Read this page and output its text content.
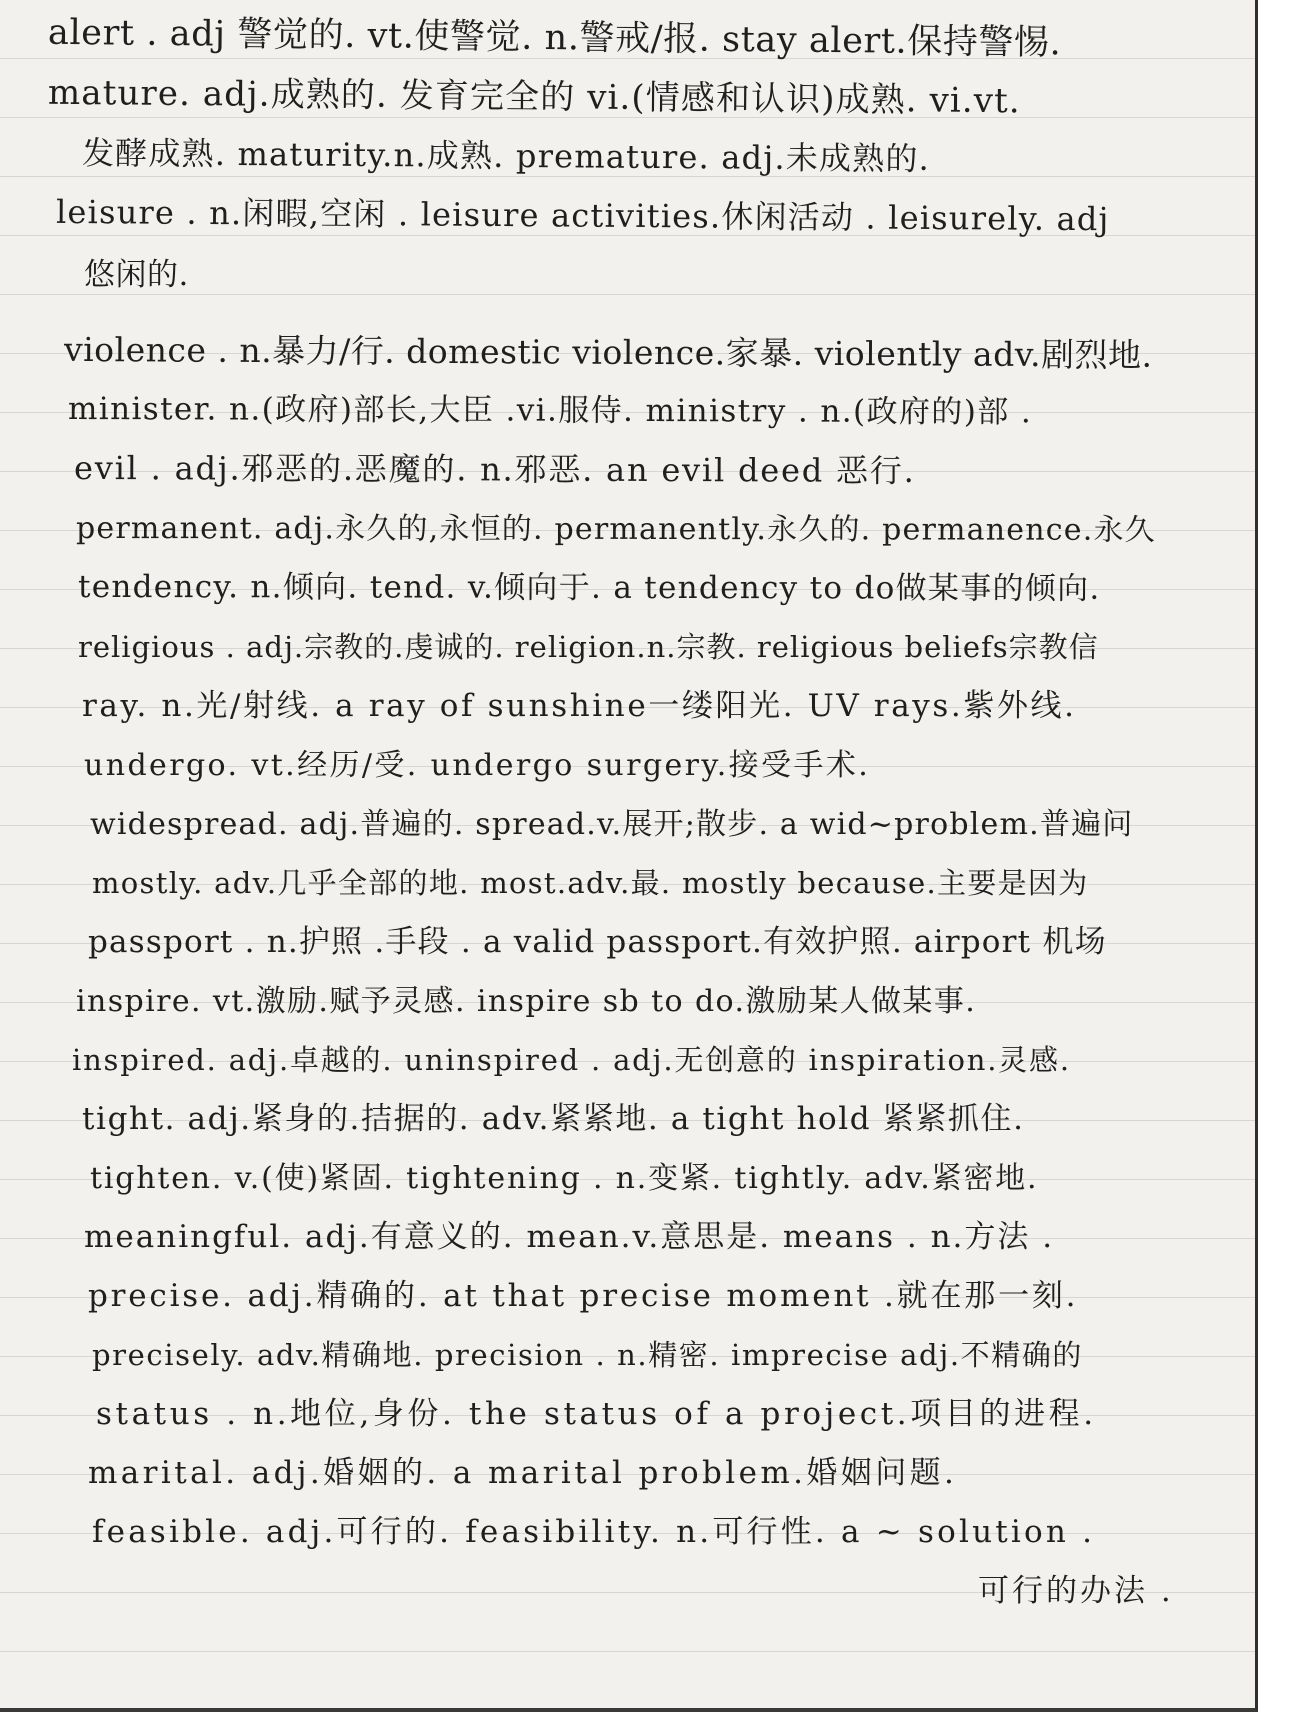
alert . adj 警觉的. vt.使警觉. n.警戒/报. stay alert.保持警惕.
mature. adj.成熟的. 发育完全的 vi.(情感和认识)成熟. vi.vt.
发酵成熟. maturity.n.成熟. premature. adj.未成熟的.
leisure . n.闲暇,空闲 . leisure activities.休闲活动 . leisurely. adj
悠闲的.
violence . n.暴力/行. domestic violence.家暴. violently adv.剧烈地.
minister. n.(政府)部长,大臣 .vi.服侍. ministry . n.(政府的)部 .
evil . adj.邪恶的.恶魔的. n.邪恶. an evil deed 恶行.
permanent. adj.永久的,永恒的. permanently.永久的. permanence.永久
tendency. n.倾向. tend. v.倾向于. a tendency to do做某事的倾向.
religious . adj.宗教的.虔诚的. religion.n.宗教. religious beliefs宗教信
ray. n.光/射线. a ray of sunshine一缕阳光. UV rays.紫外线.
undergo. vt.经历/受. undergo surgery.接受手术.
widespread. adj.普遍的. spread.v.展开;散步. a wid~problem.普遍问
mostly. adv.几乎全部的地. most.adv.最. mostly because.主要是因为
passport . n.护照 .手段 . a valid passport.有效护照. airport 机场
inspire. vt.激励.赋予灵感. inspire sb to do.激励某人做某事.
inspired. adj.卓越的. uninspired . adj.无创意的 inspiration.灵感.
tight. adj.紧身的.拮据的. adv.紧紧地. a tight hold 紧紧抓住.
tighten. v.(使)紧固. tightening . n.变紧. tightly. adv.紧密地.
meaningful. adj.有意义的. mean.v.意思是. means . n.方法 .
precise. adj.精确的. at that precise moment .就在那一刻.
precisely. adv.精确地. precision . n.精密. imprecise adj.不精确的
status . n.地位,身份. the status of a project.项目的进程.
marital. adj.婚姻的. a marital problem.婚姻问题.
feasible. adj.可行的. feasibility. n.可行性. a ~ solution .
可行的办法 .
